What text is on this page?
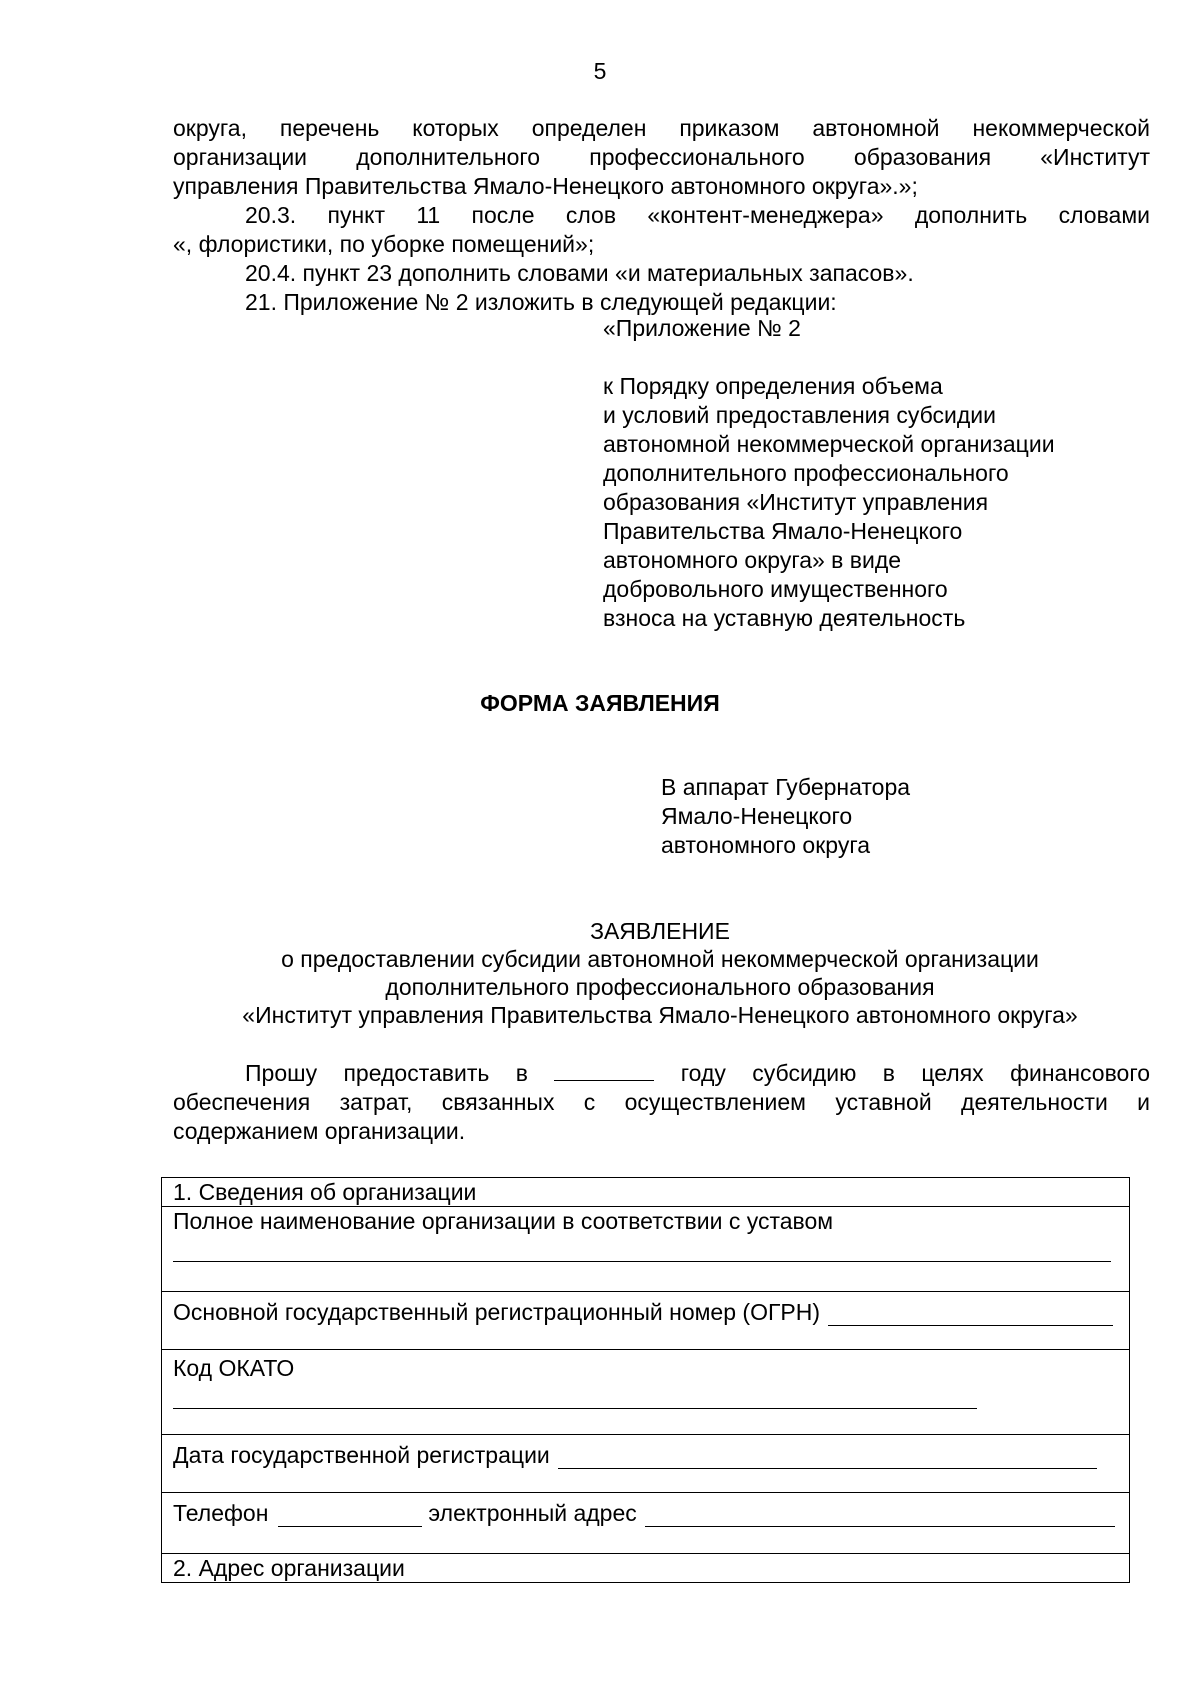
5
округа, перечень которых определен приказом автономной некоммерческой
организации дополнительного профессионального образования «Институт
управления Правительства Ямало-Ненецкого автономного округа».»;
20.3. пункт 11 после слов «контент-менеджера» дополнить словами
«, флористики, по уборке помещений»;
20.4. пункт 23 дополнить словами «и материальных запасов».
21. Приложение № 2 изложить в следующей редакции:
«Приложение № 2
к Порядку определения объема
и условий предоставления субсидии
автономной некоммерческой организации
дополнительного профессионального
образования «Институт управления
Правительства Ямало-Ненецкого
автономного округа» в виде
добровольного имущественного
взноса на уставную деятельность
ФОРМА ЗАЯВЛЕНИЯ
В аппарат Губернатора
Ямало-Ненецкого
автономного округа
ЗАЯВЛЕНИЕ
о предоставлении субсидии автономной некоммерческой организации
дополнительного профессионального образования
«Институт управления Правительства Ямало-Ненецкого автономного округа»
Прошу предоставить в	году субсидию в целях финансового
обеспечения затрат, связанных с осуществлением уставной деятельности и
содержанием организации.
1. Сведения об организации

Полное наименование организации в соответствии с уставом

Основной государственный регистрационный номер (ОГРН)

Код ОКАТО

Дата государственной регистрации

Телефон	электронный адрес

2. Адрес организации
